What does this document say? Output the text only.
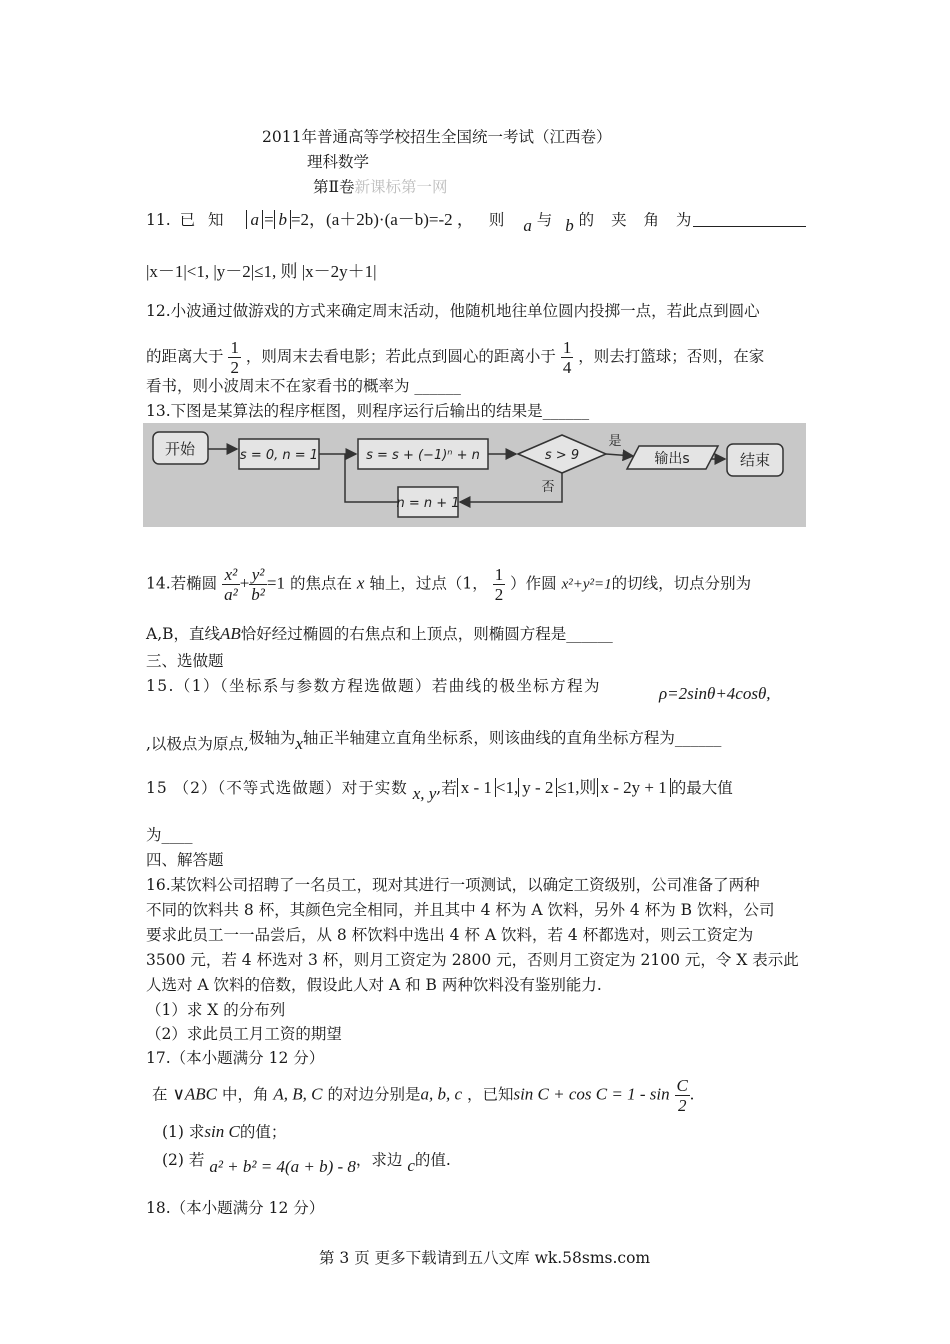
2011年普通高等学校招生全国统一考试（江西卷）
理科数学
第Ⅱ卷新课标第一网
11. 已 知 a = b =2，(a＋2b)·(a－b)=-2 ， 则 a 与 b 的 夹 角 为
|x－1|<1, |y－2|≤1, 则 |x－2y＋1|
12.小波通过做游戏的方式来确定周末活动，他随机地往单位圆内投掷一点，若此点到圆心
的距离大于 $\frac{1}{2}$ ，则周末去看电影；若此点到圆心的距离小于 $\frac{1}{4}$ ，则去打篮球；否则，在家
看书，则小波周末不在家看书的概率为 ______
13.下图是某算法的程序框图，则程序运行后输出的结果是______
开始	s = 0, n = 1	s = s + (−1)ⁿ + n	s > 9
是
否
输出s	结束
n = n + 1
14.若椭圆 $\frac{\text{x²}}{\text{a²}} + \frac{\text{y²}}{\text{b²}} =1$ 的焦点在 x 轴上，过点（1， $\frac{1}{2}$ ）作圆 x²+y²=1的切线，切点分别为
A,B，直线AB恰好经过椭圆的右焦点和上顶点，则椭圆方程是______
三、选做题
15.（1）（坐标系与参数方程选做题）若曲线的极坐标方程为	ρ=2sinθ+4cosθ,
,以极点为原点,极轴为x轴正半轴建立直角坐标系，则该曲线的直角坐标方程为______
15 （2）（不等式选做题）对于实数 x, y,若 x - 1 <1, y - 2 ≤1,则 x - 2y + 1 的最大值
为____
四、解答题
16.某饮料公司招聘了一名员工，现对其进行一项测试，以确定工资级别，公司准备了两种
不同的饮料共 8 杯，其颜色完全相同，并且其中 4 杯为 A 饮料，另外 4 杯为 B 饮料，公司
要求此员工一一品尝后，从 8 杯饮料中选出 4 杯 A 饮料，若 4 杯都选对，则云工资定为
3500 元，若 4 杯选对 3 杯，则月工资定为 2800 元，否则月工资定为 2100 元，令 X 表示此
人选对 A 饮料的倍数，假设此人对 A 和 B 两种饮料没有鉴别能力.
（1）求 X 的分布列
（2）求此员工月工资的期望
17.（本小题满分 12 分）
在 ∨ABC 中，角 A, B, C 的对边分别是a, b, c ，已知$\sin C + \cos C = 1 - \sin \frac{C}{2}$ .
(1) 求sin C的值；
(2) 若 a² + b² = 4(a + b) - 8，求边 c的值.
18.（本小题满分 12 分）
第 3 页 更多下载请到五八文库 wk.58sms.com
